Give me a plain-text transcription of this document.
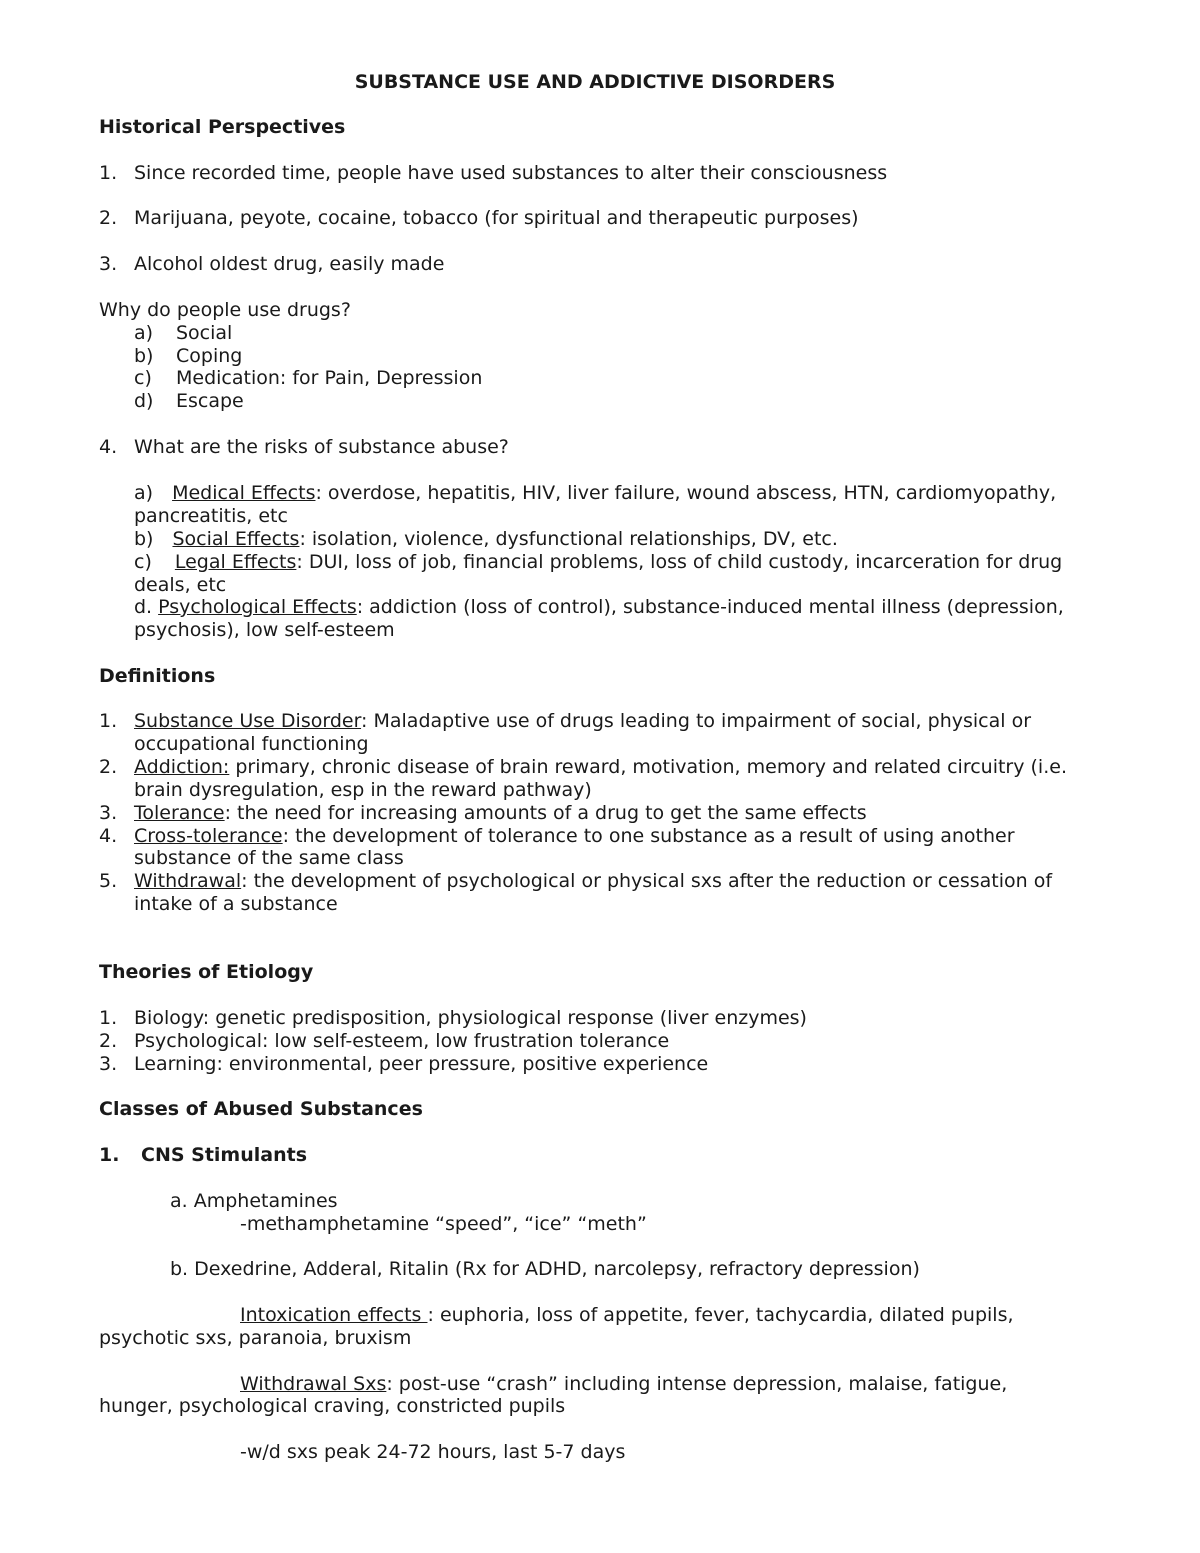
SUBSTANCE USE AND ADDICTIVE DISORDERS
Historical Perspectives
1. Since recorded time, people have used substances to alter their consciousness
2. Marijuana, peyote, cocaine, tobacco (for spiritual and therapeutic purposes)
3. Alcohol oldest drug, easily made
Why do people use drugs?
a) Social
b) Coping
c) Medication: for Pain, Depression
d) Escape
4. What are the risks of substance abuse?
a) Medical Effects: overdose, hepatitis, HIV, liver failure, wound abscess, HTN, cardiomyopathy,
pancreatitis, etc
b) Social Effects: isolation, violence, dysfunctional relationships, DV, etc.
c) Legal Effects: DUI, loss of job, financial problems, loss of child custody, incarceration for drug
deals, etc
d. Psychological Effects: addiction (loss of control), substance-induced mental illness (depression,
psychosis), low self-esteem
Definitions
1. Substance Use Disorder: Maladaptive use of drugs leading to impairment of social, physical or
occupational functioning
2. Addiction: primary, chronic disease of brain reward, motivation, memory and related circuitry (i.e.
brain dysregulation, esp in the reward pathway)
3. Tolerance: the need for increasing amounts of a drug to get the same effects
4. Cross-tolerance: the development of tolerance to one substance as a result of using another
substance of the same class
5. Withdrawal: the development of psychological or physical sxs after the reduction or cessation of
intake of a substance
Theories of Etiology
1. Biology: genetic predisposition, physiological response (liver enzymes)
2. Psychological: low self-esteem, low frustration tolerance
3. Learning: environmental, peer pressure, positive experience
Classes of Abused Substances
1. CNS Stimulants
a. Amphetamines
-methamphetamine “speed”, “ice” “meth”
b. Dexedrine, Adderal, Ritalin (Rx for ADHD, narcolepsy, refractory depression)
Intoxication effects : euphoria, loss of appetite, fever, tachycardia, dilated pupils,
psychotic sxs, paranoia, bruxism
Withdrawal Sxs: post-use “crash” including intense depression, malaise, fatigue,
hunger, psychological craving, constricted pupils
-w/d sxs peak 24-72 hours, last 5-7 days
